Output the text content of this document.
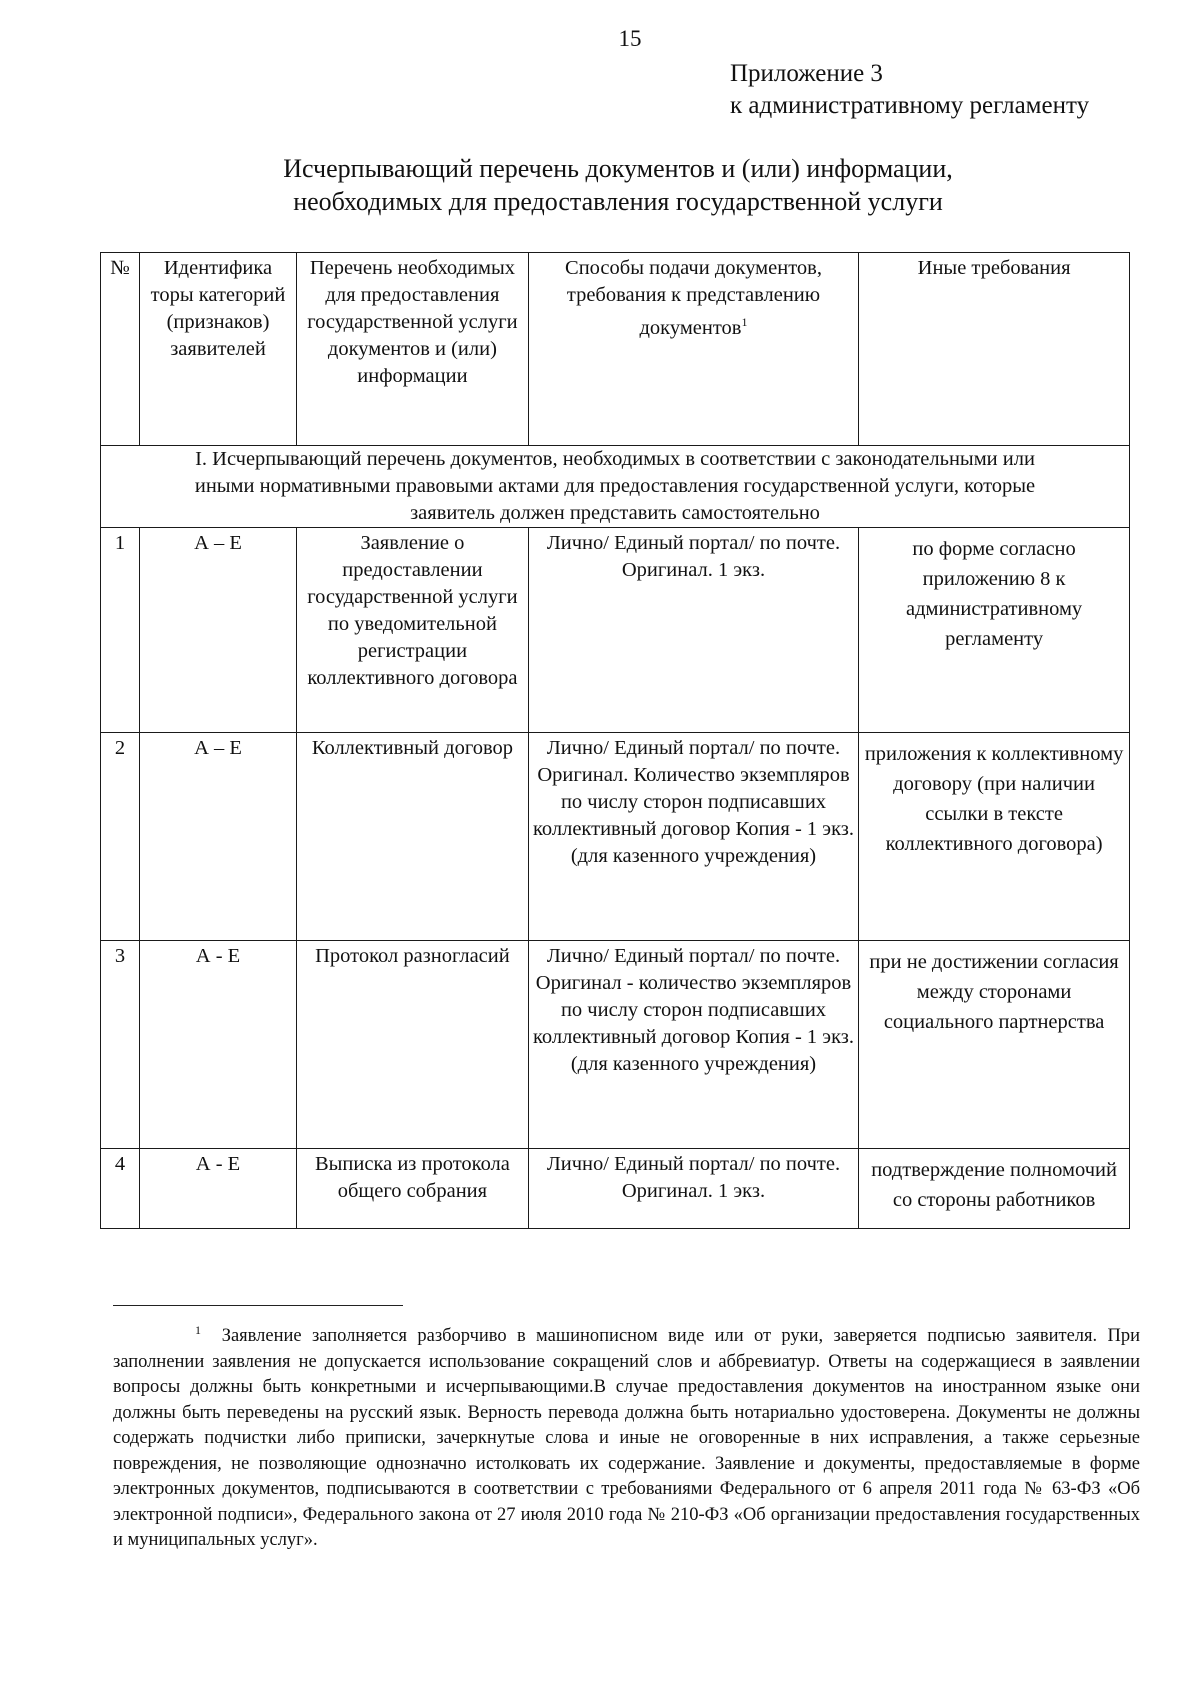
15
Приложение 3
к административному регламенту
Исчерпывающий перечень документов и (или) информации,
необходимых для предоставления государственной услуги
№	Идентифика торы категорий (признаков) заявителей	Перечень необходимых для предоставления государственной услуги документов и (или) информации	Способы подачи документов, требования к представлению документов$^1$	Иные требования

I. Исчерпывающий перечень документов, необходимых в соответствии с законодательными или
иными нормативными правовыми актами для предоставления государственной услуги, которые
заявитель должен представить самостоятельно				

1	А – Е	Заявление о предоставлении государственной услуги по уведомительной регистрации коллективного договора	Лично/ Единый портал/ по почте. Оригинал. 1 экз.	по форме согласно приложению 8 к административному регламенту
2	А – Е	Коллективный договор	Лично/ Единый портал/ по почте. Оригинал. Количество экземпляров по числу сторон подписавших коллективный договор Копия - 1 экз. (для казенного учреждения)	приложения к коллективному договору (при наличии ссылки в тексте коллективного договора)
3	А - Е	Протокол разногласий	Лично/ Единый портал/ по почте. Оригинал - количество экземпляров по числу сторон подписавших коллективный договор Копия - 1 экз. (для казенного учреждения)	при не достижении согласия между сторонами социального партнерства
4	А - Е	Выписка из протокола общего собрания	Лично/ Единый портал/ по почте. Оригинал. 1 экз.	подтверждение полномочий со стороны работников
$^1$ Заявление заполняется разборчиво в машинописном виде или от руки, заверяется подписью заявителя. При заполнении заявления не допускается использование сокращений слов и аббревиатур. Ответы на содержащиеся в заявлении вопросы должны быть конкретными и исчерпывающими.В случае предоставления документов на иностранном языке они должны быть переведены на русский язык. Верность перевода должна быть нотариально удостоверена. Документы не должны содержать подчистки либо приписки, зачеркнутые слова и иные не оговоренные в них исправления, а также серьезные повреждения, не позволяющие однозначно истолковать их содержание. Заявление и документы, предоставляемые в форме электронных документов, подписываются в соответствии с требованиями Федерального от 6 апреля 2011 года № 63-ФЗ «Об электронной подписи», Федерального закона от 27 июля 2010 года № 210-ФЗ «Об организации предоставления государственных и муниципальных услуг».
